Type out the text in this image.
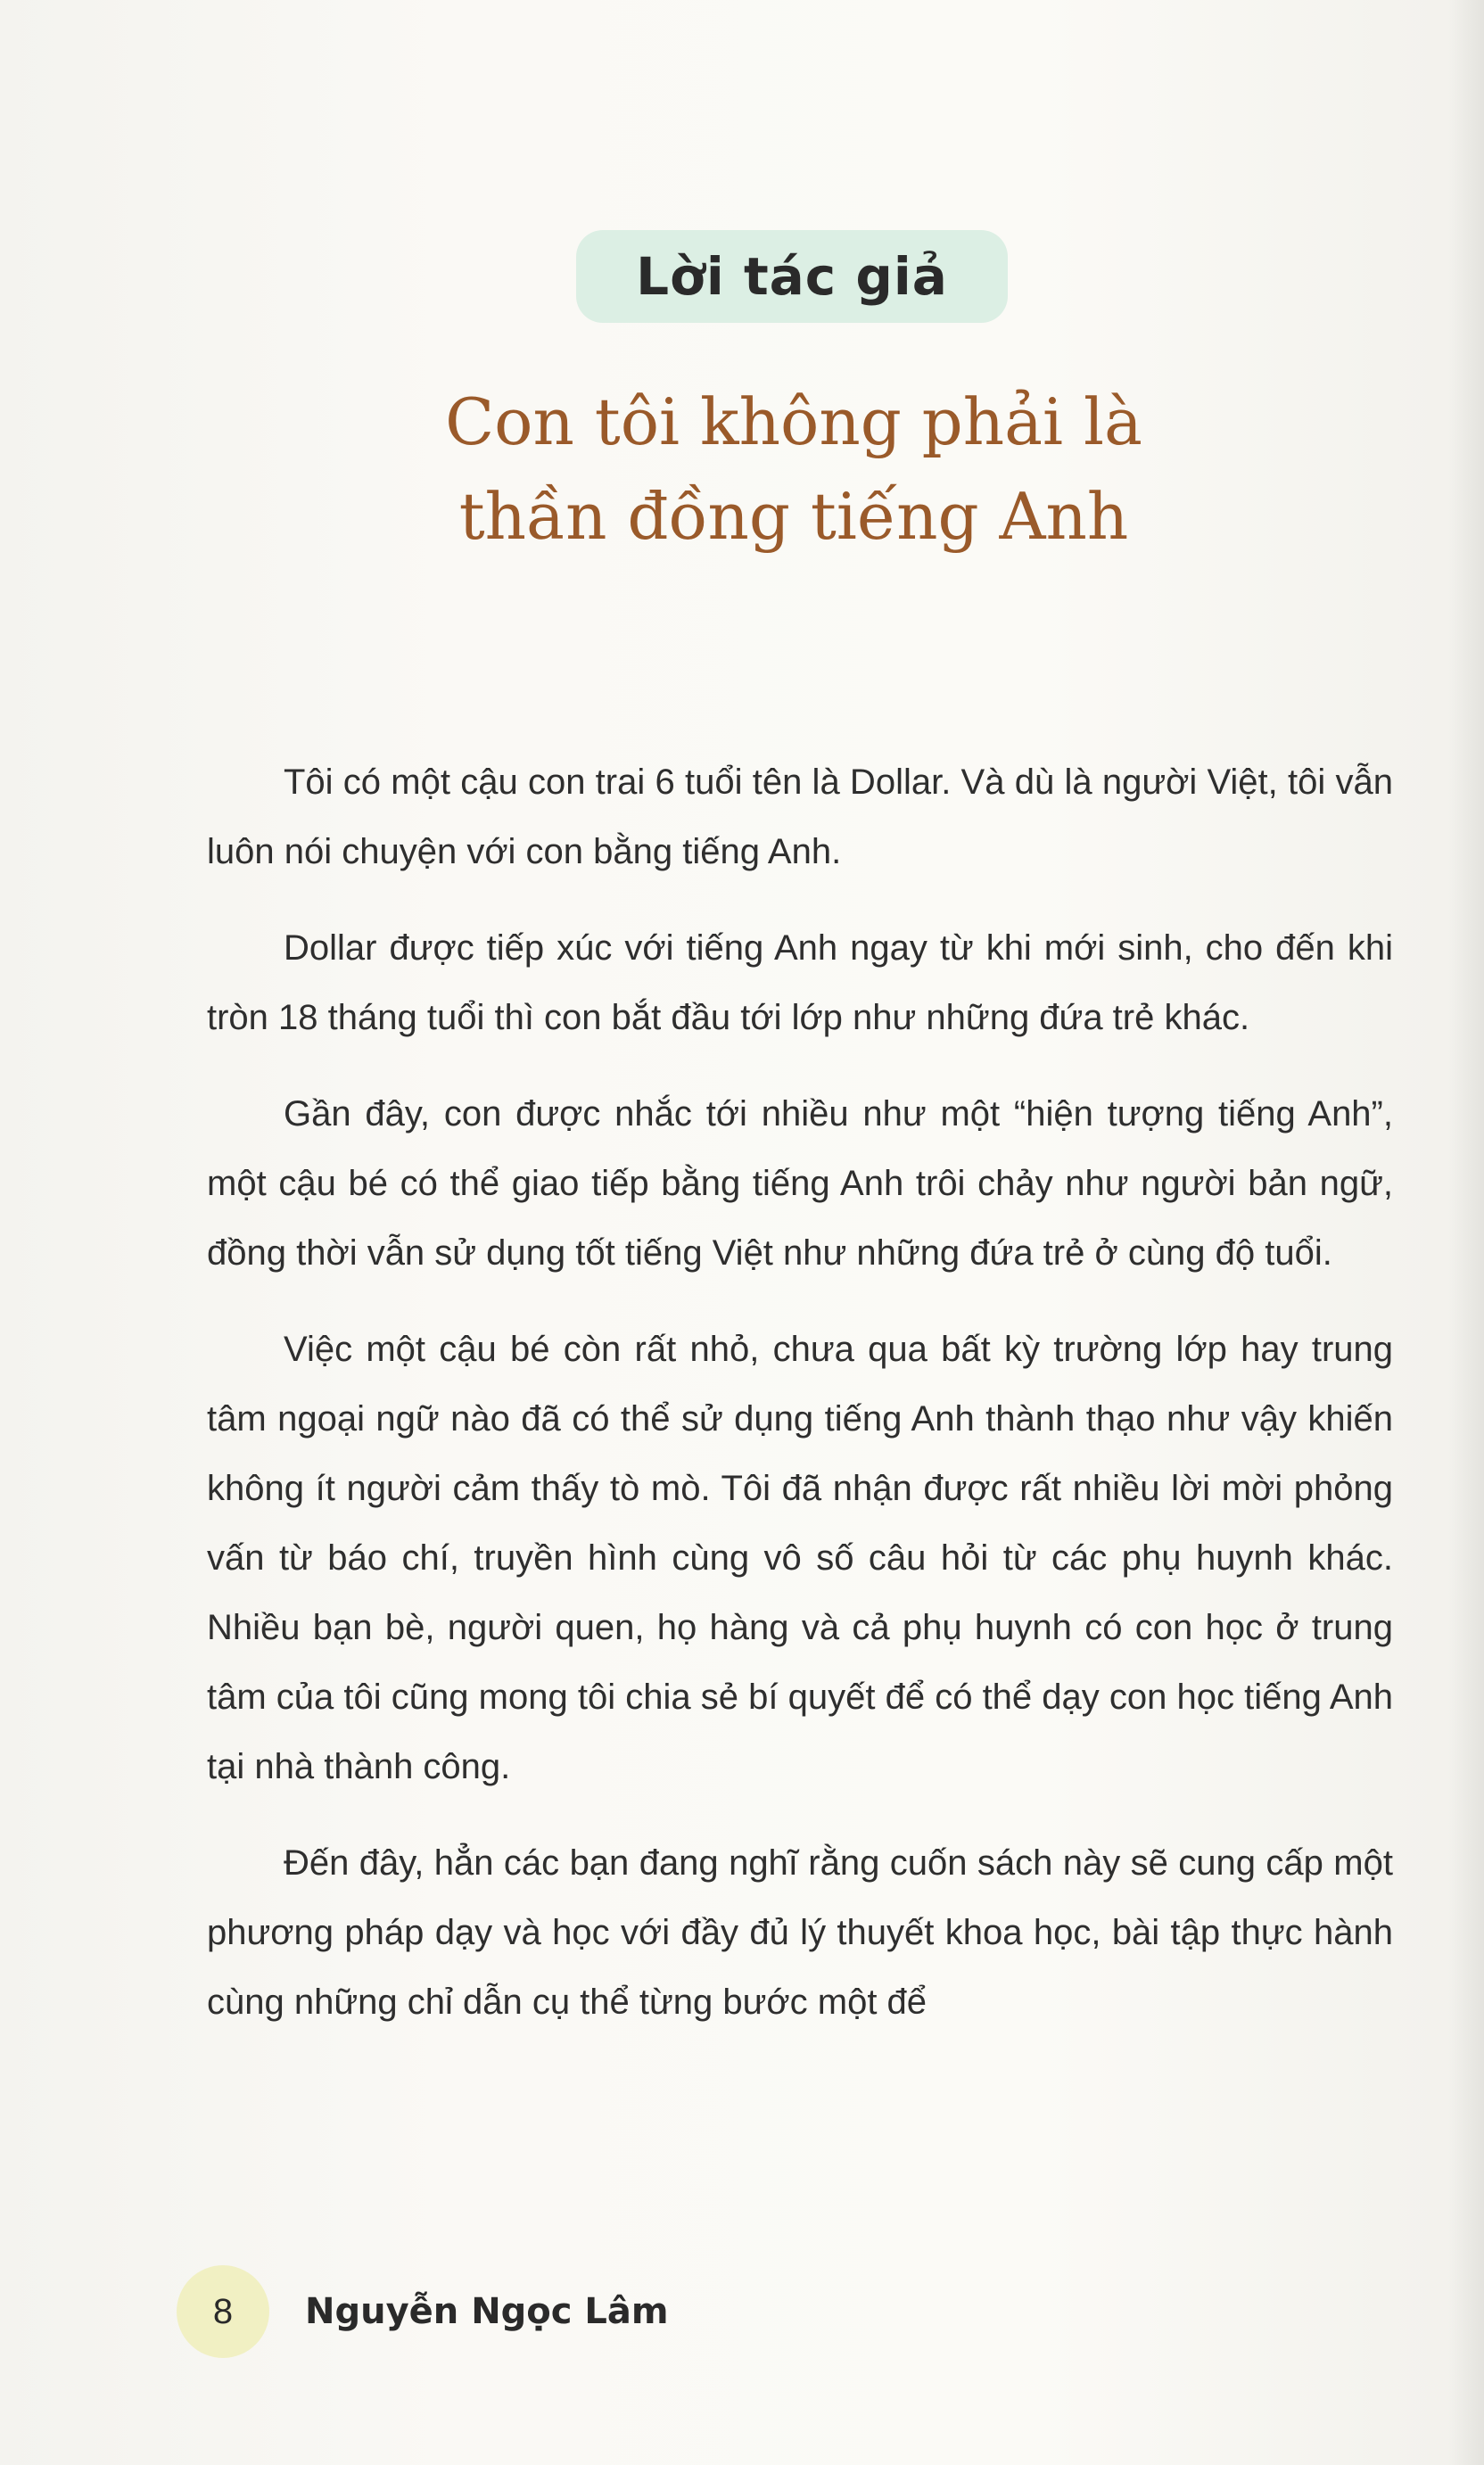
Lời tác giả
Con tôi không phải là
thần đồng tiếng Anh

Tôi có một cậu con trai 6 tuổi tên là Dollar. Và dù là người Việt, tôi vẫn luôn nói chuyện với con bằng tiếng Anh.

Dollar được tiếp xúc với tiếng Anh ngay từ khi mới sinh, cho đến khi tròn 18 tháng tuổi thì con bắt đầu tới lớp như những đứa trẻ khác.

Gần đây, con được nhắc tới nhiều như một “hiện tượng tiếng Anh”, một cậu bé có thể giao tiếp bằng tiếng Anh trôi chảy như người bản ngữ, đồng thời vẫn sử dụng tốt tiếng Việt như những đứa trẻ ở cùng độ tuổi.

Việc một cậu bé còn rất nhỏ, chưa qua bất kỳ trường lớp hay trung tâm ngoại ngữ nào đã có thể sử dụng tiếng Anh thành thạo như vậy khiến không ít người cảm thấy tò mò. Tôi đã nhận được rất nhiều lời mời phỏng vấn từ báo chí, truyền hình cùng vô số câu hỏi từ các phụ huynh khác. Nhiều bạn bè, người quen, họ hàng và cả phụ huynh có con học ở trung tâm của tôi cũng mong tôi chia sẻ bí quyết để có thể dạy con học tiếng Anh tại nhà thành công.

Đến đây, hẳn các bạn đang nghĩ rằng cuốn sách này sẽ cung cấp một phương pháp dạy và học với đầy đủ lý thuyết khoa học, bài tập thực hành cùng những chỉ dẫn cụ thể từng bước một để

8	Nguyễn Ngọc Lâm
